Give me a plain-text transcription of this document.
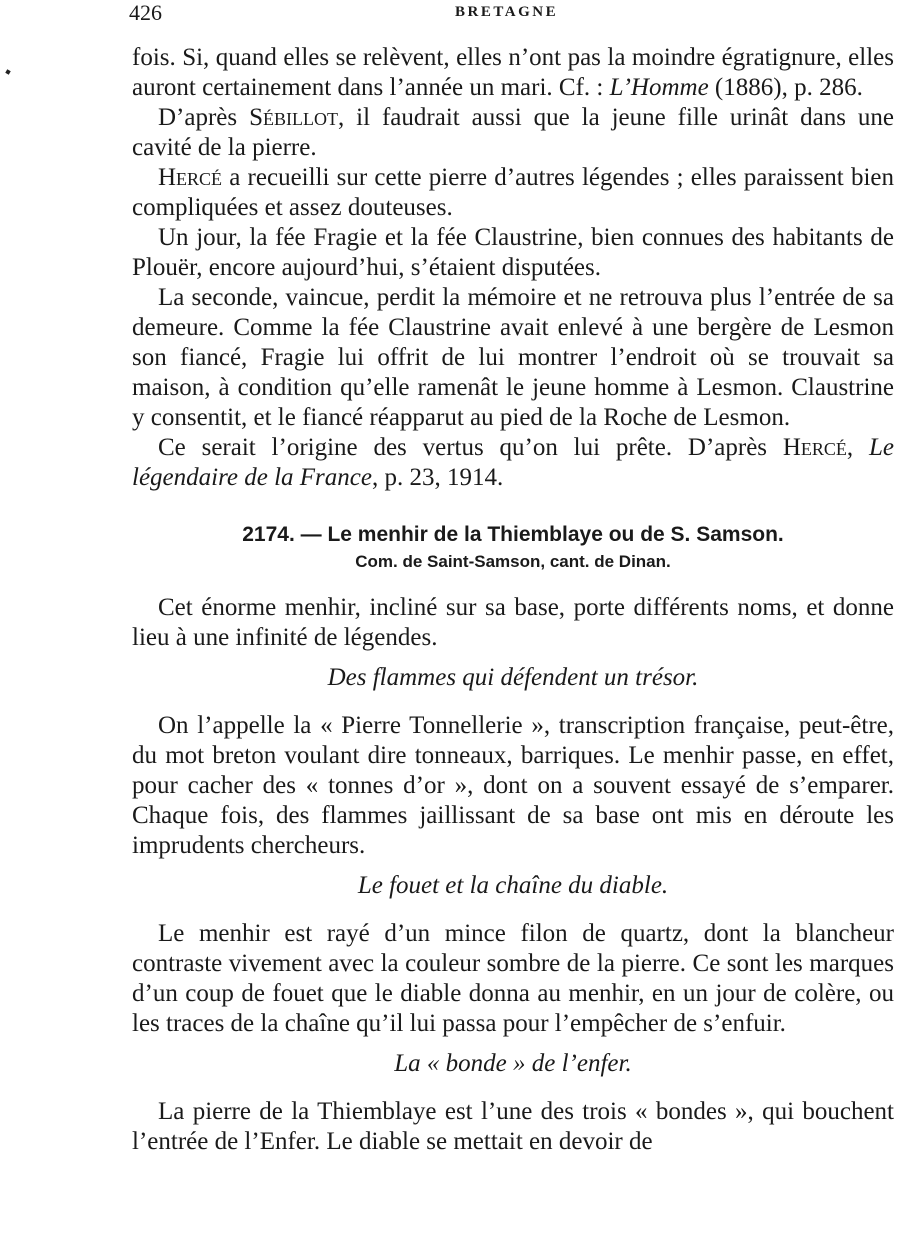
426	BRETAGNE

fois. Si, quand elles se relèvent, elles n’ont pas la moindre égratignure, elles auront certainement dans l’année un mari. Cf. : L’Homme (1886), p. 286.

D’après Sébillot, il faudrait aussi que la jeune fille urinât dans une cavité de la pierre.

Hercé a recueilli sur cette pierre d’autres légendes ; elles paraissent bien compliquées et assez douteuses.

Un jour, la fée Fragie et la fée Claustrine, bien connues des habitants de Plouër, encore aujourd’hui, s’étaient disputées.

La seconde, vaincue, perdit la mémoire et ne retrouva plus l’entrée de sa demeure. Comme la fée Claustrine avait enlevé à une bergère de Lesmon son fiancé, Fragie lui offrit de lui montrer l’endroit où se trouvait sa maison, à condition qu’elle ramenât le jeune homme à Lesmon. Claustrine y consentit, et le fiancé réapparut au pied de la Roche de Lesmon.

Ce serait l’origine des vertus qu’on lui prête. D’après Hercé, Le légendaire de la France, p. 23, 1914.

2174. — Le menhir de la Thiemblaye ou de S. Samson.
Com. de Saint-Samson, cant. de Dinan.

Cet énorme menhir, incliné sur sa base, porte différents noms, et donne lieu à une infinité de légendes.

Des flammes qui défendent un trésor.

On l’appelle la « Pierre Tonnellerie », transcription française, peut-être, du mot breton voulant dire tonneaux, barriques. Le menhir passe, en effet, pour cacher des « tonnes d’or », dont on a souvent essayé de s’emparer. Chaque fois, des flammes jaillissant de sa base ont mis en déroute les imprudents chercheurs.

Le fouet et la chaîne du diable.

Le menhir est rayé d’un mince filon de quartz, dont la blancheur contraste vivement avec la couleur sombre de la pierre. Ce sont les marques d’un coup de fouet que le diable donna au menhir, en un jour de colère, ou les traces de la chaîne qu’il lui passa pour l’empêcher de s’enfuir.

La « bonde » de l’enfer.

La pierre de la Thiemblaye est l’une des trois « bondes », qui bouchent l’entrée de l’Enfer. Le diable se mettait en devoir de
